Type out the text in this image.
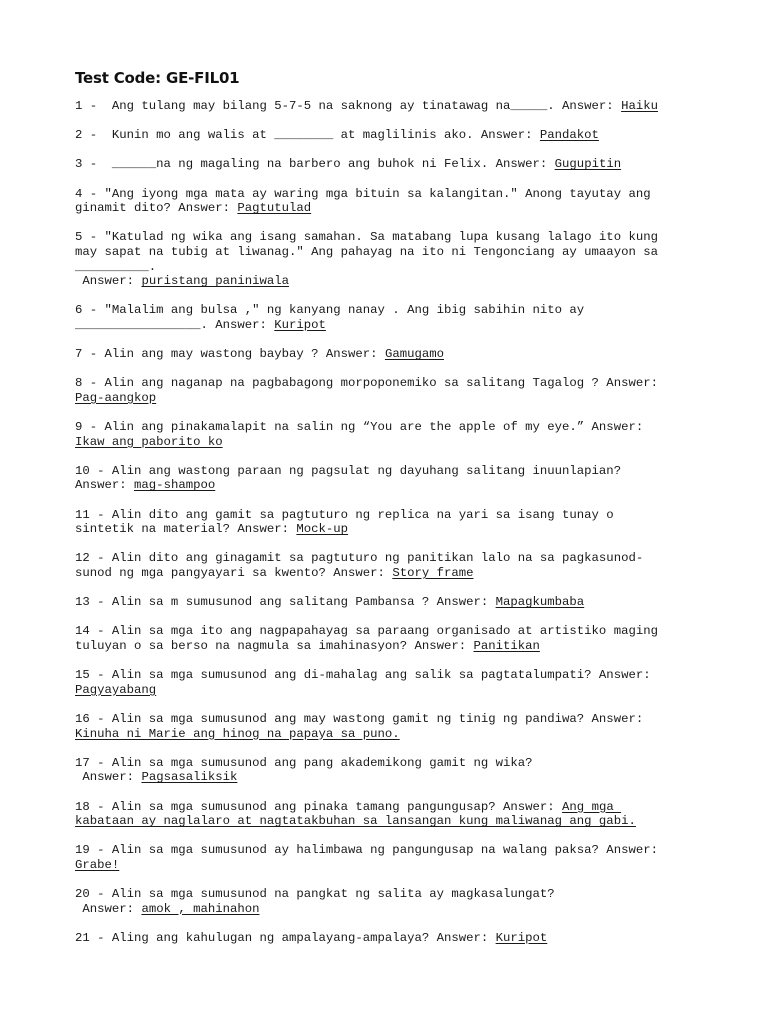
Test Code: GE-FIL01
1 -  Ang tulang may bilang 5-7-5 na saknong ay tinatawag na_____. Answer: Haiku
2 -  Kunin mo ang walis at ________ at maglilinis ako. Answer: Pandakot
3 -  ______na ng magaling na barbero ang buhok ni Felix. Answer: Gugupitin
4 - "Ang iyong mga mata ay waring mga bituin sa kalangitan." Anong tayutay ang
ginamit dito? Answer: Pagtutulad
5 - "Katulad ng wika ang isang samahan. Sa matabang lupa kusang lalago ito kung
may sapat na tubig at liwanag." Ang pahayag na ito ni Tengonciang ay umaayon sa
__________.
Answer: puristang paniniwala
6 - "Malalim ang bulsa ," ng kanyang nanay . Ang ibig sabihin nito ay
_________________. Answer: Kuripot
7 - Alin ang may wastong baybay ? Answer: Gamugamo
8 - Alin ang naganap na pagbabagong morpoponemiko sa salitang Tagalog ? Answer:
Pag-aangkop
9 - Alin ang pinakamalapit na salin ng “You are the apple of my eye.” Answer:
Ikaw ang paborito ko
10 - Alin ang wastong paraan ng pagsulat ng dayuhang salitang inuunlapian?
Answer: mag-shampoo
11 - Alin dito ang gamit sa pagtuturo ng replica na yari sa isang tunay o
sintetik na material? Answer: Mock-up
12 - Alin dito ang ginagamit sa pagtuturo ng panitikan lalo na sa pagkasunod-
sunod ng mga pangyayari sa kwento? Answer: Story frame
13 - Alin sa m sumusunod ang salitang Pambansa ? Answer: Mapagkumbaba
14 - Alin sa mga ito ang nagpapahayag sa paraang organisado at artistiko maging
tuluyan o sa berso na nagmula sa imahinasyon? Answer: Panitikan
15 - Alin sa mga sumusunod ang di-mahalag ang salik sa pagtatalumpati? Answer:
Pagyayabang
16 - Alin sa mga sumusunod ang may wastong gamit ng tinig ng pandiwa? Answer:
Kinuha ni Marie ang hinog na papaya sa puno.
17 - Alin sa mga sumusunod ang pang akademikong gamit ng wika?
Answer: Pagsasaliksik
18 - Alin sa mga sumusunod ang pinaka tamang pangungusap? Answer: Ang mga
kabataan ay naglalaro at nagtatakbuhan sa lansangan kung maliwanag ang gabi.
19 - Alin sa mga sumusunod ay halimbawa ng pangungusap na walang paksa? Answer:
Grabe!
20 - Alin sa mga sumusunod na pangkat ng salita ay magkasalungat?
Answer: amok , mahinahon
21 - Aling ang kahulugan ng ampalayang-ampalaya? Answer: Kuripot
